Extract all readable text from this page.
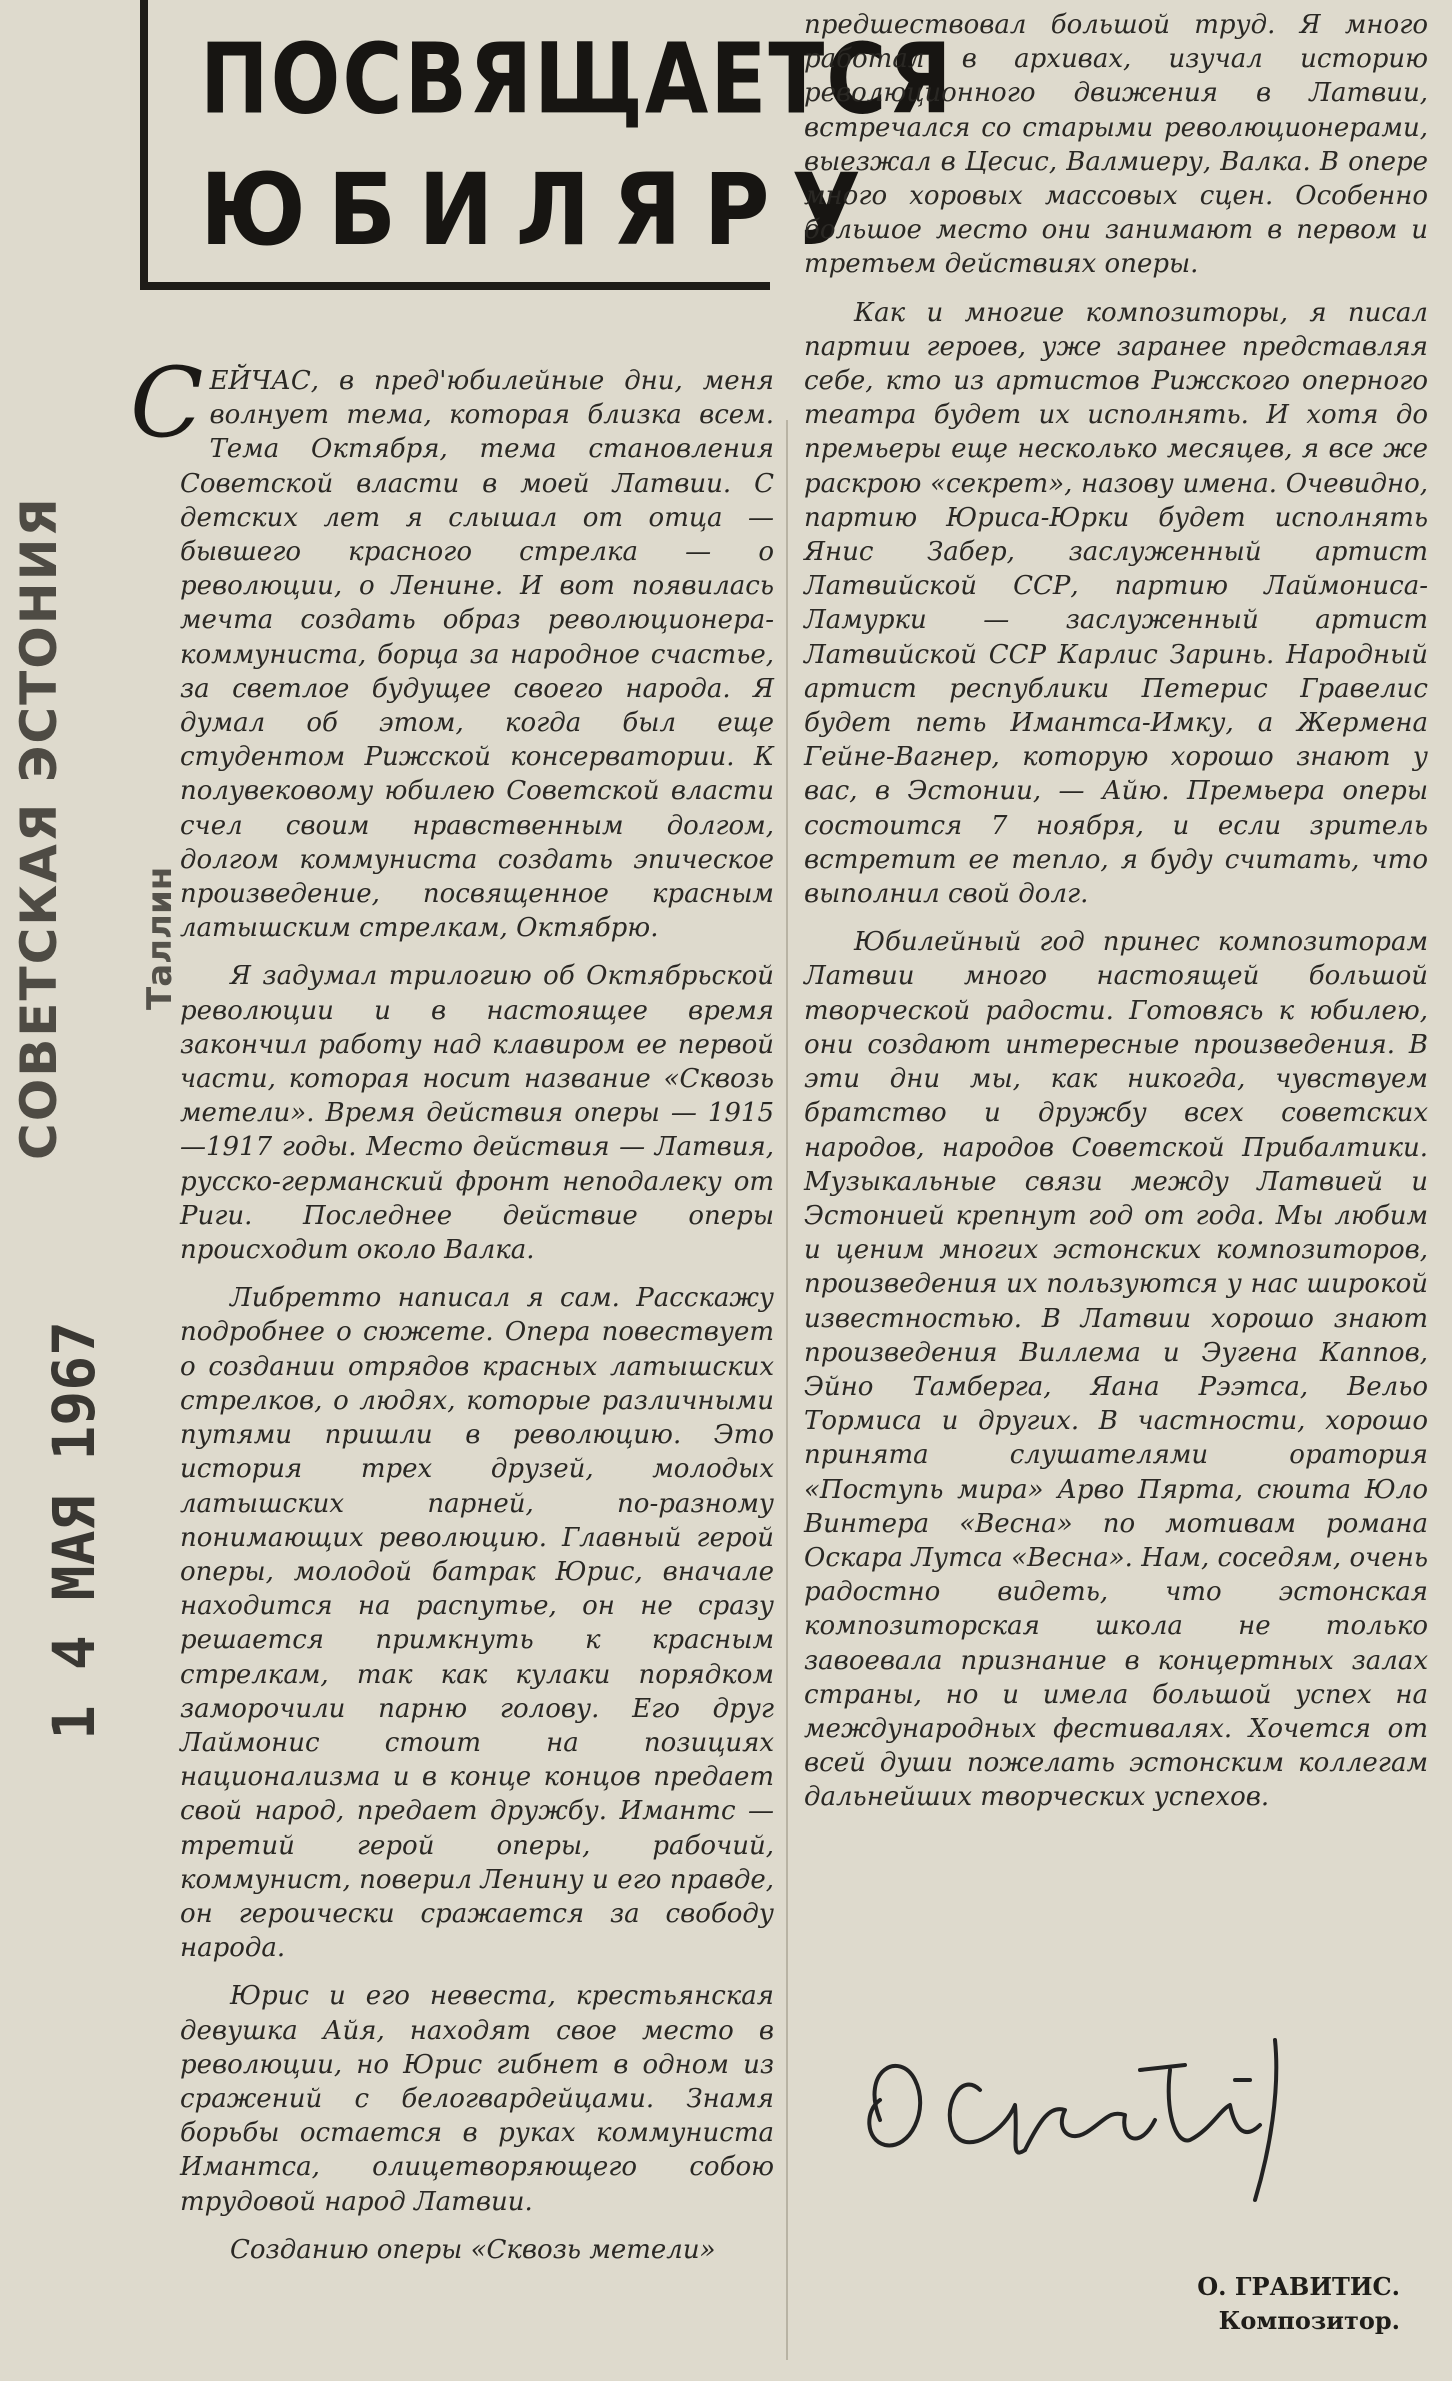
СОВЕТСКАЯ ЭСТОНИЯ Таллин
1 4 МАЯ 1967
ПОСВЯЩАЕТСЯ
ЮБИЛЯРУ

СЕЙЧАС, в пред'юбилейные дни, меня волнует тема, которая близка всем. Тема Октября, тема становления Советской власти в моей Латвии. С детских лет я слышал от отца — бывшего красного стрелка — о революции, о Ленине. И вот появилась мечта создать образ революционера-коммуниста, борца за народное счастье, за светлое будущее своего народа. Я думал об этом, когда был еще студентом Рижской консерватории. К полувековому юбилею Советской власти счел своим нравственным долгом, долгом коммуниста создать эпическое произведение, посвященное красным латышским стрелкам, Октябрю.

Я задумал трилогию об Октябрьской революции и в настоящее время закончил работу над клавиром ее первой части, которая носит название «Сквозь метели». Время действия оперы — 1915—1917 годы. Место действия — Латвия, русско-германский фронт неподалеку от Риги. Последнее действие оперы происходит около Валка.

Либретто написал я сам. Расскажу подробнее о сюжете. Опера повествует о создании отрядов красных латышских стрелков, о людях, которые различными путями пришли в революцию. Это история трех друзей, молодых латышских парней, по-разному понимающих революцию. Главный герой оперы, молодой батрак Юрис, вначале находится на распутье, он не сразу решается примкнуть к красным стрелкам, так как кулаки порядком заморочили парню голову. Его друг Лаймонис стоит на позициях национализма и в конце концов предает свой народ, предает дружбу. Имантс — третий герой оперы, рабочий, коммунист, поверил Ленину и его правде, он героически сражается за свободу народа.

Юрис и его невеста, крестьянская девушка Айя, находят свое место в революции, но Юрис гибнет в одном из сражений с белогвардейцами. Знамя борьбы остается в руках коммуниста Имантса, олицетворяющего собою трудовой народ Латвии.

Созданию оперы «Сквозь метели»

предшествовал большой труд. Я много работал в архивах, изучал историю революционного движения в Латвии, встречался со старыми революционерами, выезжал в Цесис, Валмиеру, Валка. В опере много хоровых массовых сцен. Особенно большое место они занимают в первом и третьем действиях оперы.

Как и многие композиторы, я писал партии героев, уже заранее представляя себе, кто из артистов Рижского оперного театра будет их исполнять. И хотя до премьеры еще несколько месяцев, я все же раскрою «секрет», назову имена. Очевидно, партию Юриса-Юрки будет исполнять Янис Забер, заслуженный артист Латвийской ССР, партию Лаймониса-Ламурки — заслуженный артист Латвийской ССР Карлис Заринь. Народный артист республики Петерис Гравелис будет петь Имантса-Имку, а Жермена Гейне-Вагнер, которую хорошо знают у вас, в Эстонии, — Айю. Премьера оперы состоится 7 ноября, и если зритель встретит ее тепло, я буду считать, что выполнил свой долг.

Юбилейный год принес композиторам Латвии много настоящей большой творческой радости. Готовясь к юбилею, они создают интересные произведения. В эти дни мы, как никогда, чувствуем братство и дружбу всех советских народов, народов Советской Прибалтики. Музыкальные связи между Латвией и Эстонией крепнут год от года. Мы любим и ценим многих эстонских композиторов, произведения их пользуются у нас широкой известностью. В Латвии хорошо знают произведения Виллема и Эугена Каппов, Эйно Тамберга, Яана Рээтса, Вельо Тормиса и других. В частности, хорошо принята слушателями оратория «Поступь мира» Арво Пярта, сюита Юло Винтера «Весна» по мотивам романа Оскара Лутса «Весна». Нам, соседям, очень радостно видеть, что эстонская композиторская школа не только завоевала признание в концертных залах страны, но и имела большой успех на международных фестивалях. Хочется от всей души пожелать эстонским коллегам дальнейших творческих успехов.

О. ГРАВИТИС.
Композитор.
